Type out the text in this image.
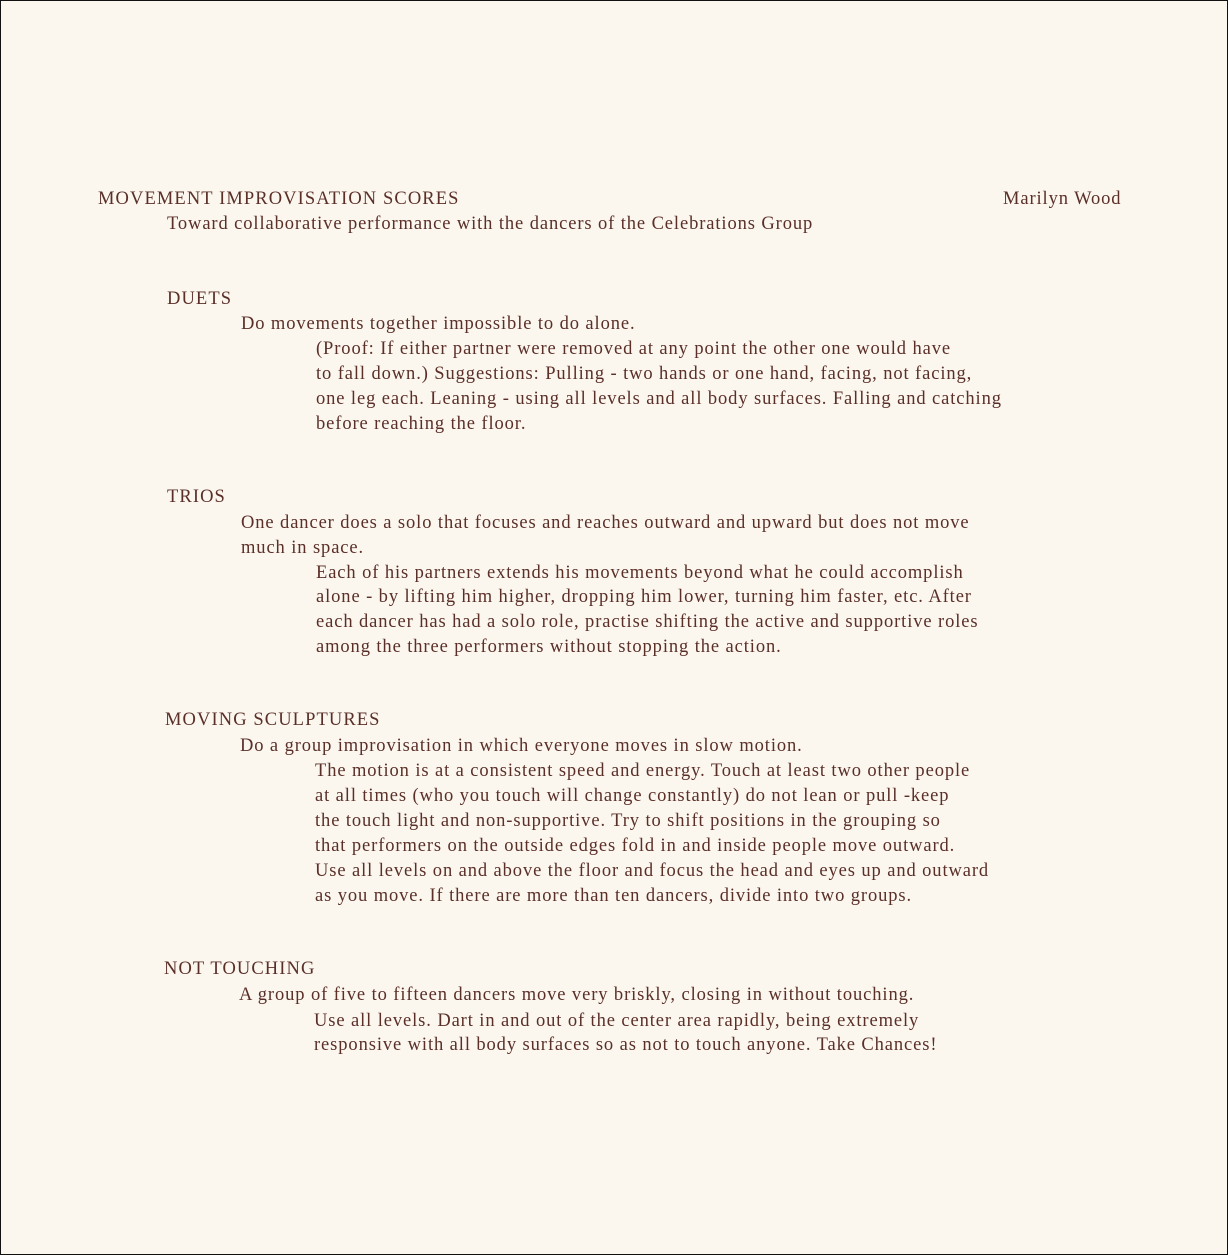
MOVEMENT IMPROVISATION SCORES	Marilyn Wood
Toward collaborative performance with the dancers of the Celebrations Group
DUETS
Do movements together impossible to do alone.
(Proof: If either partner were removed at any point the other one would have
to fall down.) Suggestions: Pulling - two hands or one hand, facing, not facing,
one leg each. Leaning - using all levels and all body surfaces. Falling and catching
before reaching the floor.
TRIOS
One dancer does a solo that focuses and reaches outward and upward but does not move
much in space.
Each of his partners extends his movements beyond what he could accomplish
alone - by lifting him higher, dropping him lower, turning him faster, etc. After
each dancer has had a solo role, practise shifting the active and supportive roles
among the three performers without stopping the action.
MOVING SCULPTURES
Do a group improvisation in which everyone moves in slow motion.
The motion is at a consistent speed and energy. Touch at least two other people
at all times (who you touch will change constantly) do not lean or pull -keep
the touch light and non-supportive. Try to shift positions in the grouping so
that performers on the outside edges fold in and inside people move outward.
Use all levels on and above the floor and focus the head and eyes up and outward
as you move. If there are more than ten dancers, divide into two groups.
NOT TOUCHING
A group of five to fifteen dancers move very briskly, closing in without touching.
Use all levels. Dart in and out of the center area rapidly, being extremely
responsive with all body surfaces so as not to touch anyone. Take Chances!
